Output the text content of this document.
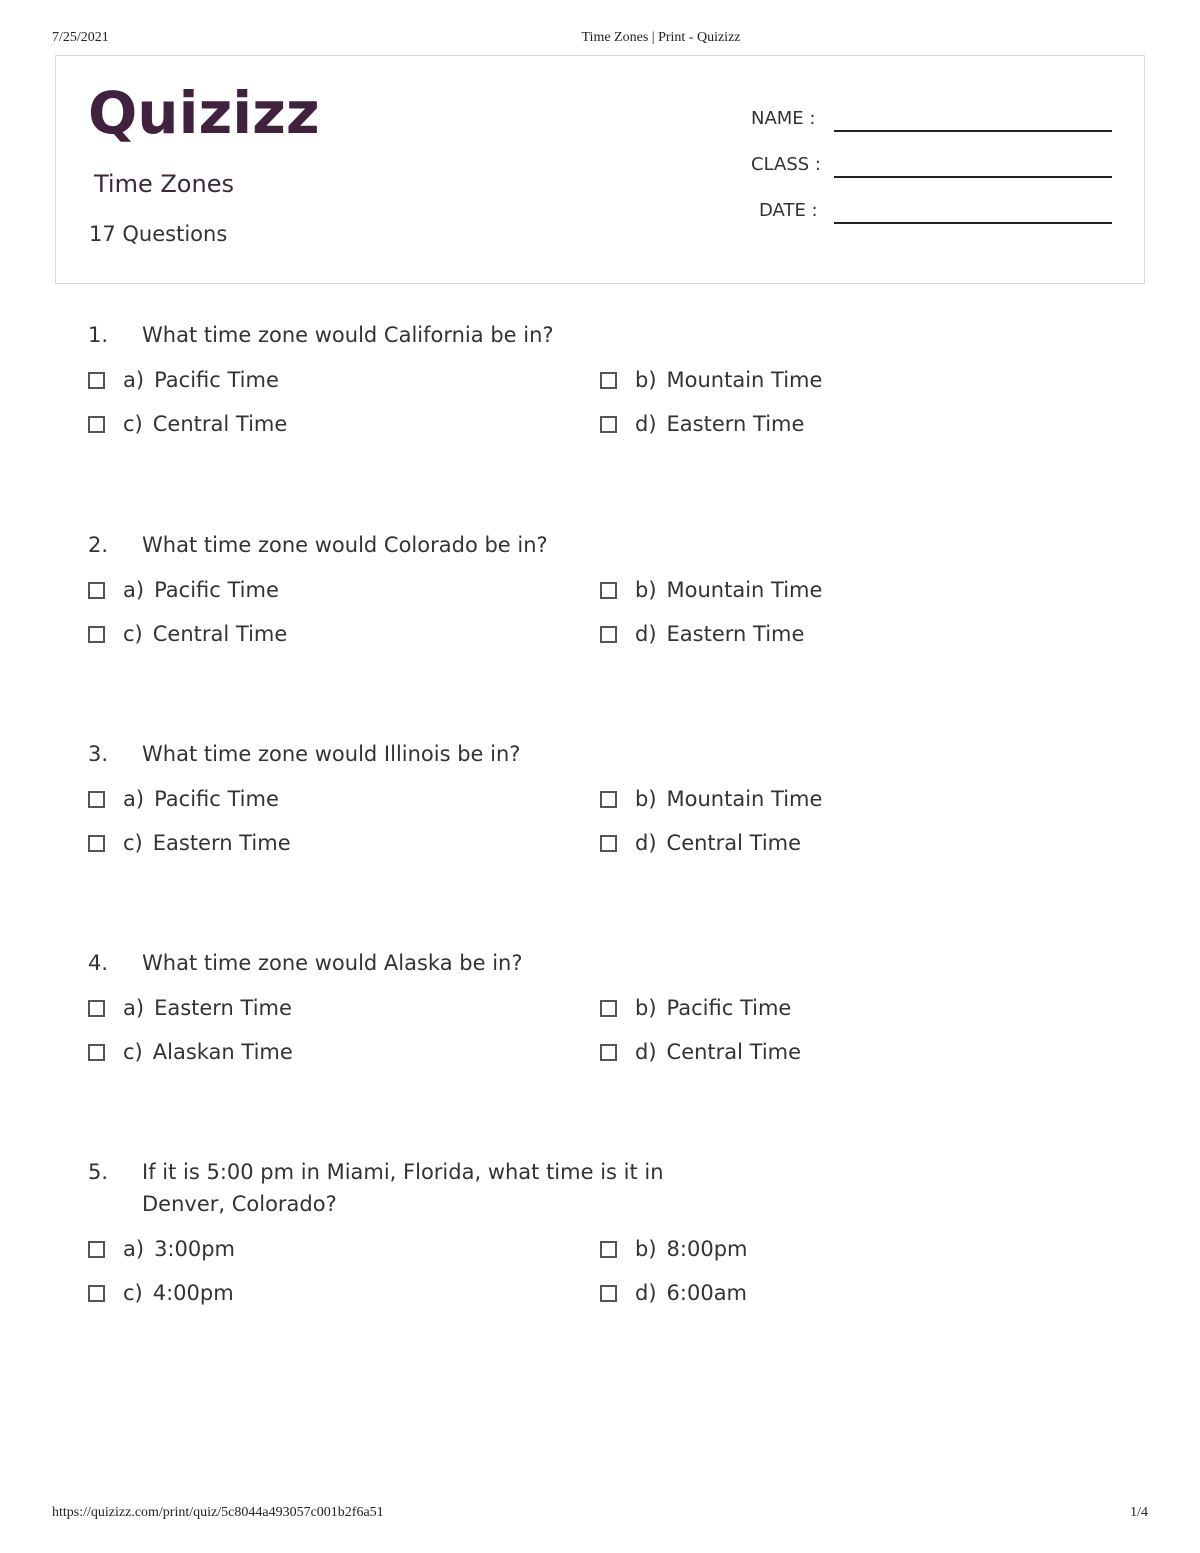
7/25/2021	Time Zones | Print - Quizizz
Quizizz
Time Zones
17 Questions
NAME :
CLASS :
DATE :
1. What time zone would California be in?
a) Pacific Time	b) Mountain Time
c) Central Time	d) Eastern Time
2. What time zone would Colorado be in?
a) Pacific Time	b) Mountain Time
c) Central Time	d) Eastern Time
3. What time zone would Illinois be in?
a) Pacific Time	b) Mountain Time
c) Eastern Time	d) Central Time
4. What time zone would Alaska be in?
a) Eastern Time	b) Pacific Time
c) Alaskan Time	d) Central Time
5. If it is 5:00 pm in Miami, Florida, what time is it in Denver, Colorado?
a) 3:00pm	b) 8:00pm
c) 4:00pm	d) 6:00am
https://quizizz.com/print/quiz/5c8044a493057c001b2f6a51	1/4
